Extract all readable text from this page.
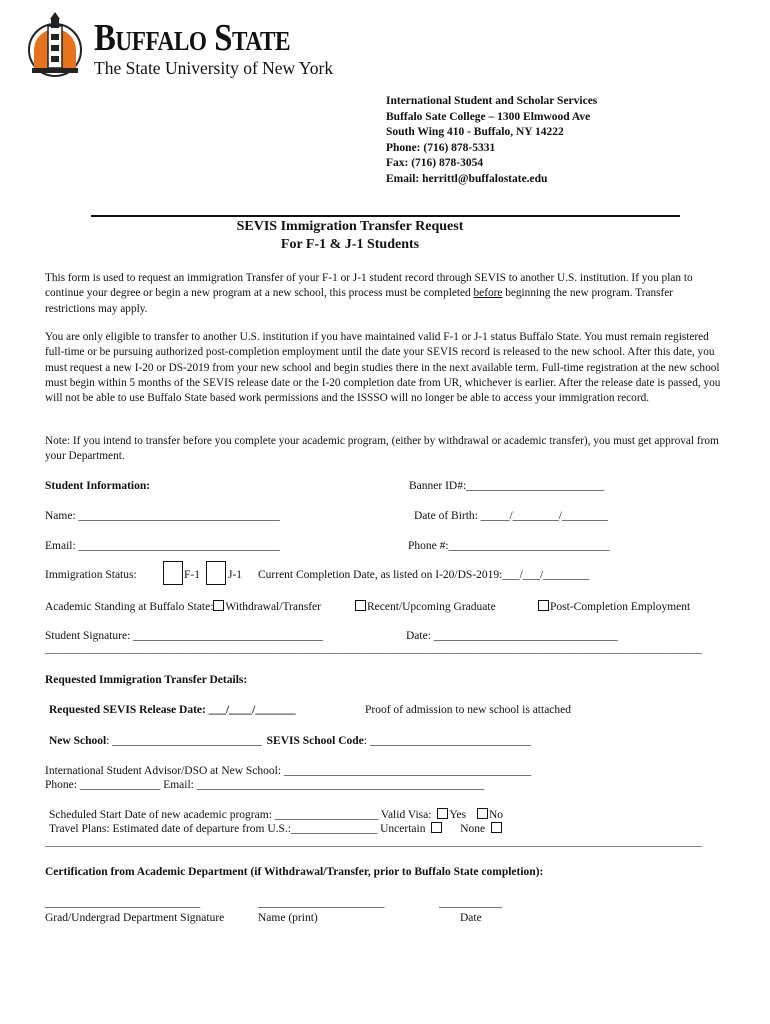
Buffalo State
The State University of New York
International Student and Scholar Services
Buffalo Sate College – 1300 Elmwood Ave
South Wing 410 - Buffalo, NY 14222
Phone: (716) 878-5331
Fax: (716) 878-3054
Email: herrittl@buffalostate.edu
SEVIS Immigration Transfer Request
For F-1 & J-1 Students
This form is used to request an immigration Transfer of your F-1 or J-1 student record through SEVIS to another U.S. institution. If you plan to continue your degree or begin a new program at a new school, this process must be completed before beginning the new program. Transfer restrictions may apply.
You are only eligible to transfer to another U.S. institution if you have maintained valid F-1 or J-1 status Buffalo State. You must remain registered full-time or be pursuing authorized post-completion employment until the date your SEVIS record is released to the new school. After this date, you must request a new I-20 or DS-2019 from your new school and begin studies there in the next available term. Full-time registration at the new school must begin within 5 months of the SEVIS release date or the I-20 completion date from UR, whichever is earlier. After the release date is passed, you will not be able to use Buffalo State based work permissions and the ISSSO will no longer be able to access your immigration record.
Note: If you intend to transfer before you complete your academic program, (either by withdrawal or academic transfer), you must get approval from your Department.
Student Information:	Banner ID#:________________________
Name: ___________________________________	Date of Birth: _____/________/________
Email: ___________________________________	Phone #:____________________________
Immigration Status:	F-1 J-1 Current Completion Date, as listed on I-20/DS-2019:___/___/________
Academic Standing at Buffalo State: Withdrawal/Transfer	Recent/Upcoming Graduate	Post-Completion Employment
Student Signature: _________________________________	Date: ________________________________
______________________________________________________________________________________________________________________________________
Requested Immigration Transfer Details:
Requested SEVIS Release Date: ___/____/_______	Proof of admission to new school is attached
New School: __________________________ SEVIS School Code: ____________________________
International Student Advisor/DSO at New School: ___________________________________________
Phone: ______________ Email: __________________________________________________
Scheduled Start Date of new academic program: __________________ Valid Visa: Yes No
Travel Plans: Estimated date of departure from U.S.:_______________ Uncertain	None
______________________________________________________________________________________________________________________________________
Certification from Academic Department (if Withdrawal/Transfer, prior to Buffalo State completion):
___________________________
Grad/Undergrad Department Signature
______________________
Name (print)
___________
Date
